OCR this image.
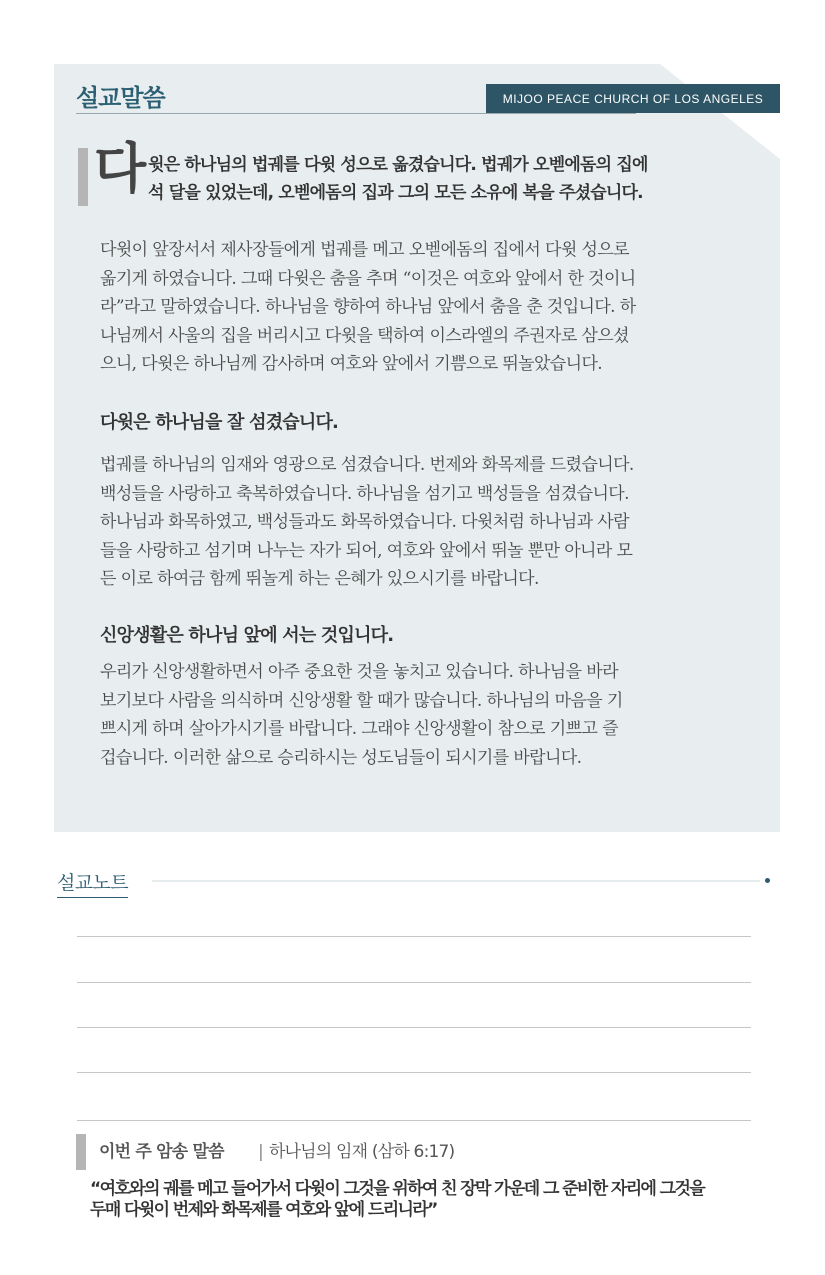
설교말씀	MIJOO PEACE CHURCH OF LOS ANGELES
다 윗은 하나님의 법궤를 다윗 성으로 옮겼습니다. 법궤가 오벧에돔의 집에
석 달을 있었는데, 오벧에돔의 집과 그의 모든 소유에 복을 주셨습니다.
다윗이 앞장서서 제사장들에게 법궤를 메고 오벧에돔의 집에서 다윗 성으로
옮기게 하였습니다. 그때 다윗은 춤을 추며 “이것은 여호와 앞에서 한 것이니
라”라고 말하였습니다. 하나님을 향하여 하나님 앞에서 춤을 춘 것입니다. 하
나님께서 사울의 집을 버리시고 다윗을 택하여 이스라엘의 주권자로 삼으셨
으니, 다윗은 하나님께 감사하며 여호와 앞에서 기쁨으로 뛰놀았습니다.
다윗은 하나님을 잘 섬겼습니다.
법궤를 하나님의 임재와 영광으로 섬겼습니다. 번제와 화목제를 드렸습니다.
백성들을 사랑하고 축복하였습니다. 하나님을 섬기고 백성들을 섬겼습니다.
하나님과 화목하였고, 백성들과도 화목하였습니다. 다윗처럼 하나님과 사람
들을 사랑하고 섬기며 나누는 자가 되어, 여호와 앞에서 뛰놀 뿐만 아니라 모
든 이로 하여금 함께 뛰놀게 하는 은혜가 있으시기를 바랍니다.
신앙생활은 하나님 앞에 서는 것입니다.
우리가 신앙생활하면서 아주 중요한 것을 놓치고 있습니다. 하나님을 바라
보기보다 사람을 의식하며 신앙생활 할 때가 많습니다. 하나님의 마음을 기
쁘시게 하며 살아가시기를 바랍니다. 그래야 신앙생활이 참으로 기쁘고 즐
겁습니다. 이러한 삶으로 승리하시는 성도님들이 되시기를 바랍니다.
설교노트
이번 주 암송 말씀 | 하나님의 임재 (삼하 6:17)
“여호와의 궤를 메고 들어가서 다윗이 그것을 위하여 친 장막 가운데 그 준비한 자리에 그것을
두매 다윗이 번제와 화목제를 여호와 앞에 드리니라”
